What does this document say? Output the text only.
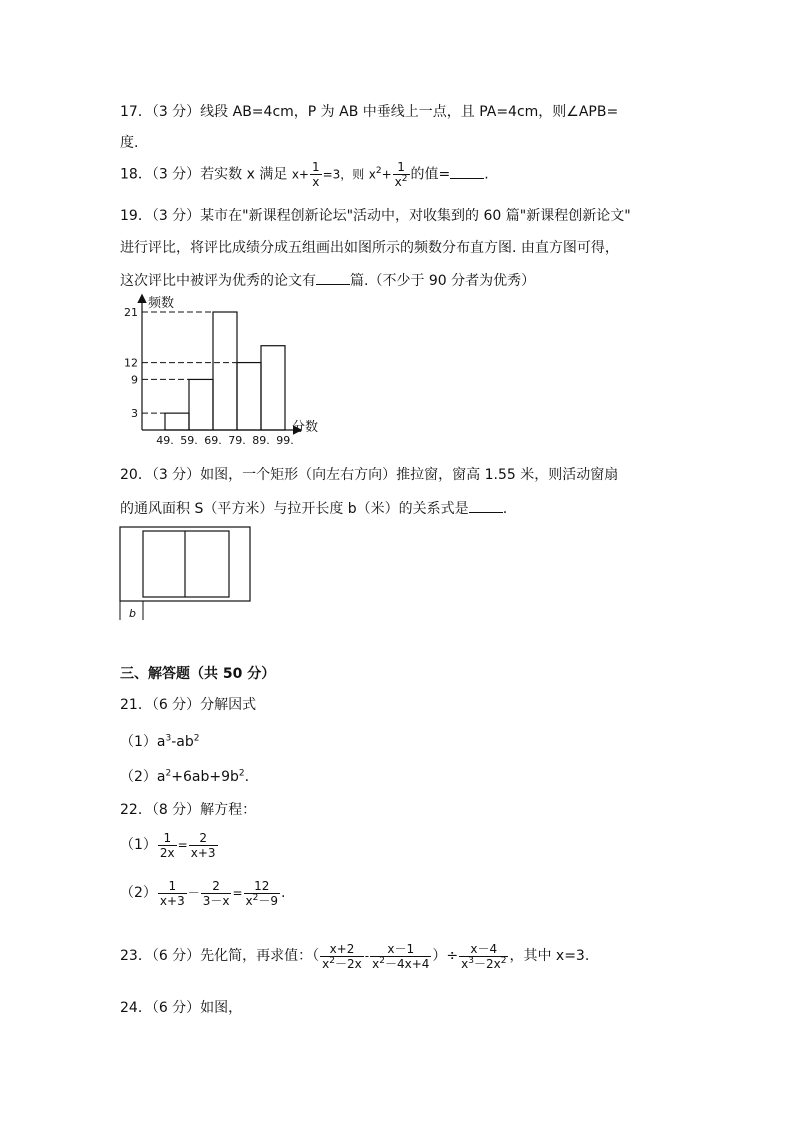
17．（3 分）线段 AB=4cm，P 为 AB 中垂线上一点，且 PA=4cm，则∠APB=
度.
18．（3 分）若实数 x 满足 $x+ \frac{1}{x} =3$，则 $x^2+ \frac{1}{x^2}$ 的值= .
19．（3 分）某市在"新课程创新论坛"活动中，对收集到的 60 篇"新课程创新论文"
进行评比，将评比成绩分成五组画出如图所示的频数分布直方图. 由直方图可得，
这次评比中被评为优秀的论文有 篇.（不少于 90 分者为优秀）
21
12
9
3
49. 59. 69. 79. 89. 99.
频数
分数
20．（3 分）如图，一个矩形（向左右方向）推拉窗，窗高 1.55 米，则活动窗扇
的通风面积 S（平方米）与拉开长度 b（米）的关系式是 .
b
三、解答题（共 50 分）
21．（6 分）分解因式
$(1)a^3-ab^2$
$(2)a^2+6ab+9b^2$.
22．（8 分）解方程：
$(1) \frac{1}{2x} = \frac{2}{x+3}$
$(2) \frac{1}{x+3} - \frac{2}{3-x} = \frac{12}{x^2-9}$ .
23．（6 分）先化简，再求值：（ $\frac{x+2}{x^2-2x} - \frac{x-1}{x^2-4x+4}$ ）÷ $\frac{x-4}{x^3-2x^2}$ ，其中 x=3.
24．（6 分）如图，
